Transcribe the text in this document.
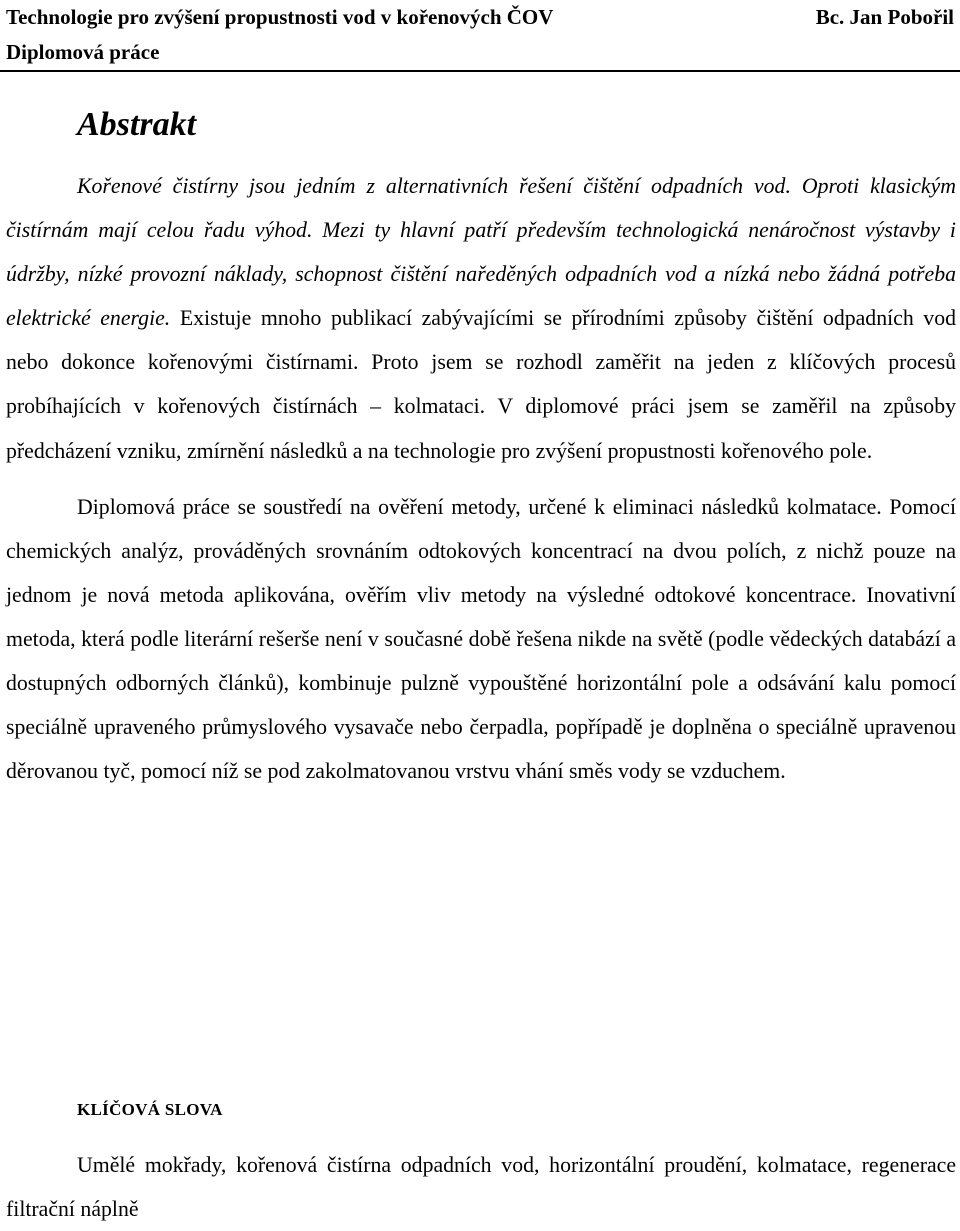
Technologie pro zvýšení propustnosti vod v kořenových ČOV
Diplomová práce
Bc. Jan Pobořil
Abstrakt

Kořenové čistírny jsou jedním z alternativních řešení čištění odpadních vod. Oproti klasickým čistírnám mají celou řadu výhod. Mezi ty hlavní patří především technologická nenáročnost výstavby i údržby, nízké provozní náklady, schopnost čištění naředěných odpadních vod a nízká nebo žádná potřeba elektrické energie. Existuje mnoho publikací zabývajícími se přírodními způsoby čištění odpadních vod nebo dokonce kořenovými čistírnami. Proto jsem se rozhodl zaměřit na jeden z klíčových procesů probíhajících v kořenových čistírnách – kolmataci. V diplomové práci jsem se zaměřil na způsoby předcházení vzniku, zmírnění následků a na technologie pro zvýšení propustnosti kořenového pole.

Diplomová práce se soustředí na ověření metody, určené k eliminaci následků kolmatace. Pomocí chemických analýz, prováděných srovnáním odtokových koncentrací na dvou polích, z nichž pouze na jednom je nová metoda aplikována, ověřím vliv metody na výsledné odtokové koncentrace. Inovativní metoda, která podle literární rešerše není v současné době řešena nikde na světě (podle vědeckých databází a dostupných odborných článků), kombinuje pulzně vypouštěné horizontální pole a odsávání kalu pomocí speciálně upraveného průmyslového vysavače nebo čerpadla, popřípadě je doplněna o speciálně upravenou děrovanou tyč, pomocí níž se pod zakolmatovanou vrstvu vhání směs vody se vzduchem.

KLÍČOVÁ SLOVA

Umělé mokřady, kořenová čistírna odpadních vod, horizontální proudění, kolmatace, regenerace filtrační náplně
